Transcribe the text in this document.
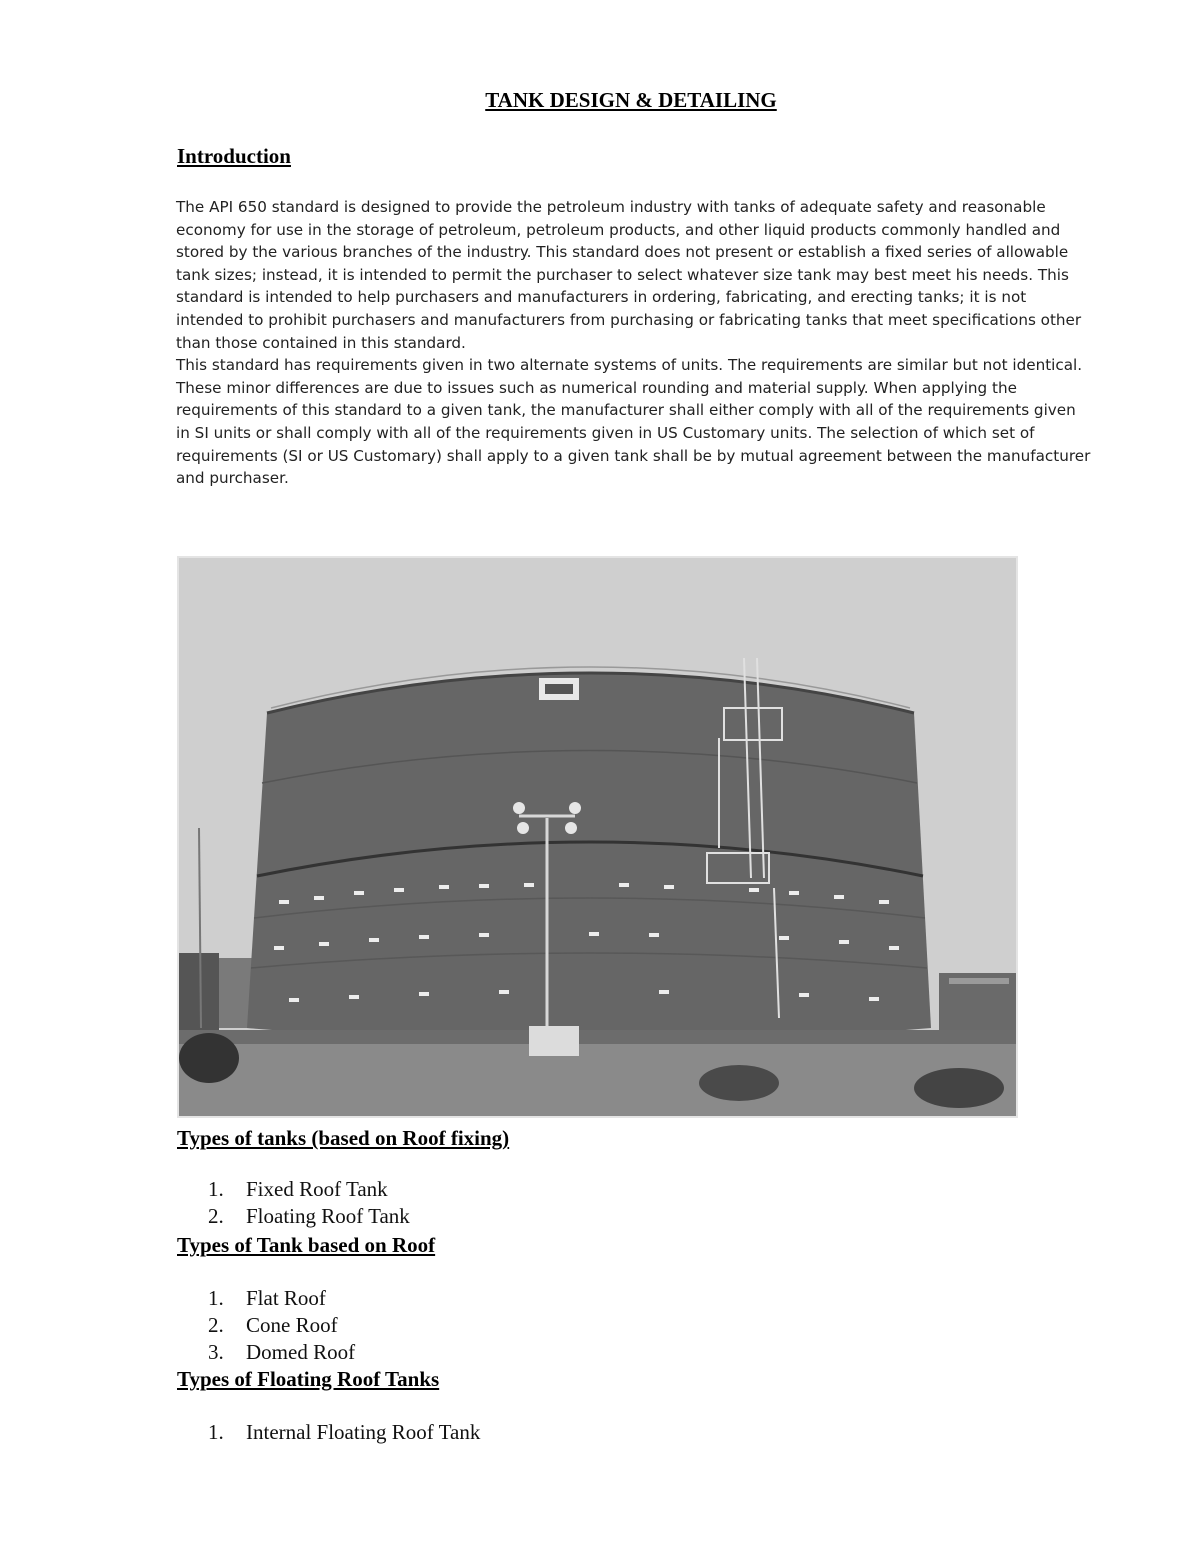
TANK DESIGN & DETAILING
Introduction

The API 650 standard is designed to provide the petroleum industry with tanks of adequate safety and reasonable economy for use in the storage of petroleum, petroleum products, and other liquid products commonly handled and stored by the various branches of the industry. This standard does not present or establish a fixed series of allowable tank sizes; instead, it is intended to permit the purchaser to select whatever size tank may best meet his needs. This standard is intended to help purchasers and manufacturers in ordering, fabricating, and erecting tanks; it is not intended to prohibit purchasers and manufacturers from purchasing or fabricating tanks that meet specifications other than those contained in this standard.

This standard has requirements given in two alternate systems of units. The requirements are similar but not identical. These minor differences are due to issues such as numerical rounding and material supply. When applying the requirements of this standard to a given tank, the manufacturer shall either comply with all of the requirements given in SI units or shall comply with all of the requirements given in US Customary units. The selection of which set of requirements (SI or US Customary) shall apply to a given tank shall be by mutual agreement between the manufacturer and purchaser.

Types of tanks (based on Roof fixing)
1. Fixed Roof Tank
2. Floating Roof Tank
Types of Tank based on Roof
1. Flat Roof
2. Cone Roof
3. Domed Roof
Types of Floating Roof Tanks
1. Internal Floating Roof Tank
